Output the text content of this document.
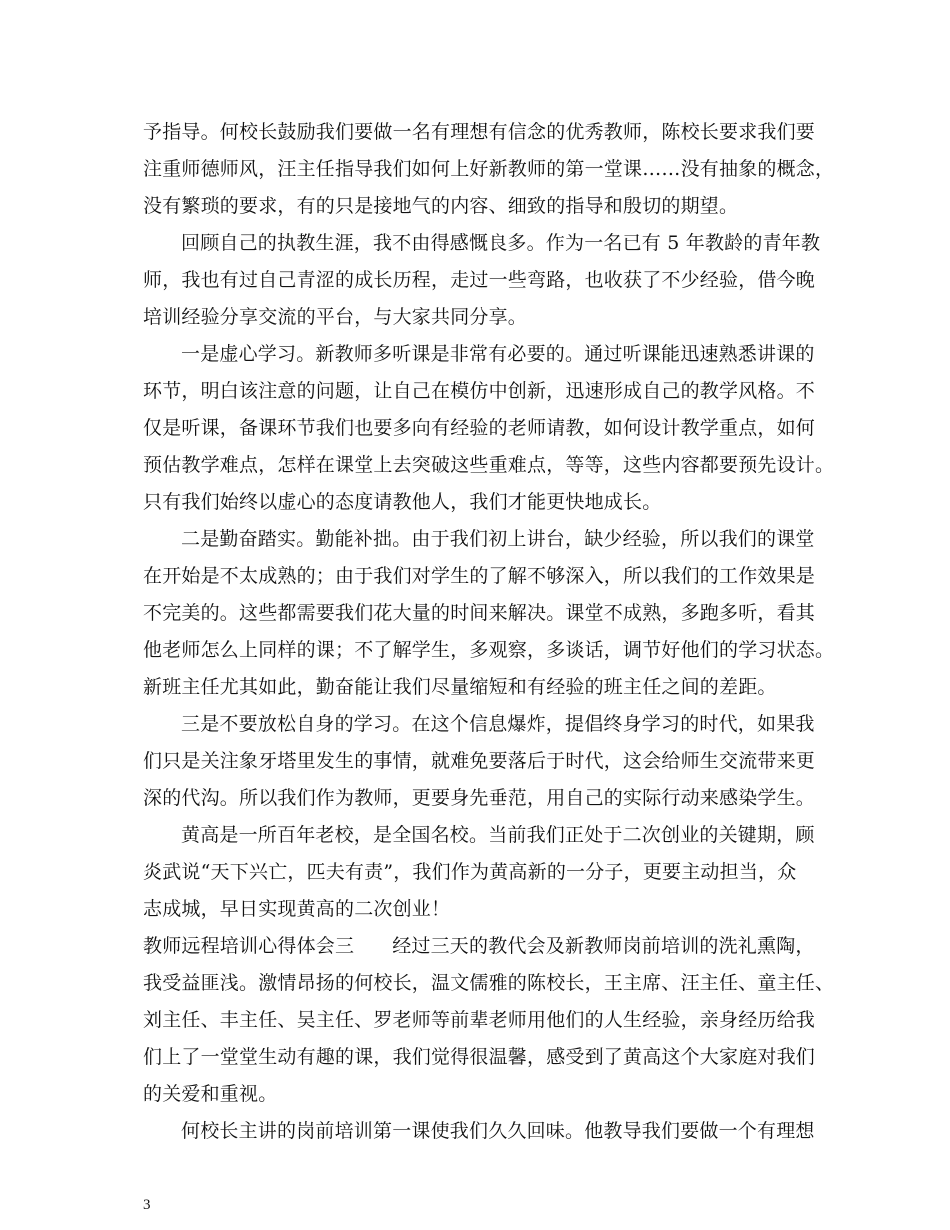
予指导。何校长鼓励我们要做一名有理想有信念的优秀教师，陈校长要求我们要
注重师德师风，汪主任指导我们如何上好新教师的第一堂课……没有抽象的概念，
没有繁琐的要求，有的只是接地气的内容、细致的指导和殷切的期望。
回顾自己的执教生涯，我不由得感慨良多。作为一名已有 5 年教龄的青年教
师，我也有过自己青涩的成长历程，走过一些弯路，也收获了不少经验，借今晚
培训经验分享交流的平台，与大家共同分享。
一是虚心学习。新教师多听课是非常有必要的。通过听课能迅速熟悉讲课的
环节，明白该注意的问题，让自己在模仿中创新，迅速形成自己的教学风格。不
仅是听课，备课环节我们也要多向有经验的老师请教，如何设计教学重点，如何
预估教学难点，怎样在课堂上去突破这些重难点，等等，这些内容都要预先设计。
只有我们始终以虚心的态度请教他人，我们才能更快地成长。
二是勤奋踏实。勤能补拙。由于我们初上讲台，缺少经验，所以我们的课堂
在开始是不太成熟的；由于我们对学生的了解不够深入，所以我们的工作效果是
不完美的。这些都需要我们花大量的时间来解决。课堂不成熟，多跑多听，看其
他老师怎么上同样的课；不了解学生，多观察，多谈话，调节好他们的学习状态。
新班主任尤其如此，勤奋能让我们尽量缩短和有经验的班主任之间的差距。
三是不要放松自身的学习。在这个信息爆炸，提倡终身学习的时代，如果我
们只是关注象牙塔里发生的事情，就难免要落后于时代，这会给师生交流带来更
深的代沟。所以我们作为教师，更要身先垂范，用自己的实际行动来感染学生。
黄高是一所百年老校，是全国名校。当前我们正处于二次创业的关键期，顾
炎武说“天下兴亡，匹夫有责”，我们作为黄高新的一分子，更要主动担当，众
志成城，早日实现黄高的二次创业！
教师远程培训心得体会三 经过三天的教代会及新教师岗前培训的洗礼熏陶，
我受益匪浅。激情昂扬的何校长，温文儒雅的陈校长，王主席、汪主任、童主任、
刘主任、丰主任、吴主任、罗老师等前辈老师用他们的人生经验，亲身经历给我
们上了一堂堂生动有趣的课，我们觉得很温馨，感受到了黄高这个大家庭对我们
的关爱和重视。
何校长主讲的岗前培训第一课使我们久久回味。他教导我们要做一个有理想
3
